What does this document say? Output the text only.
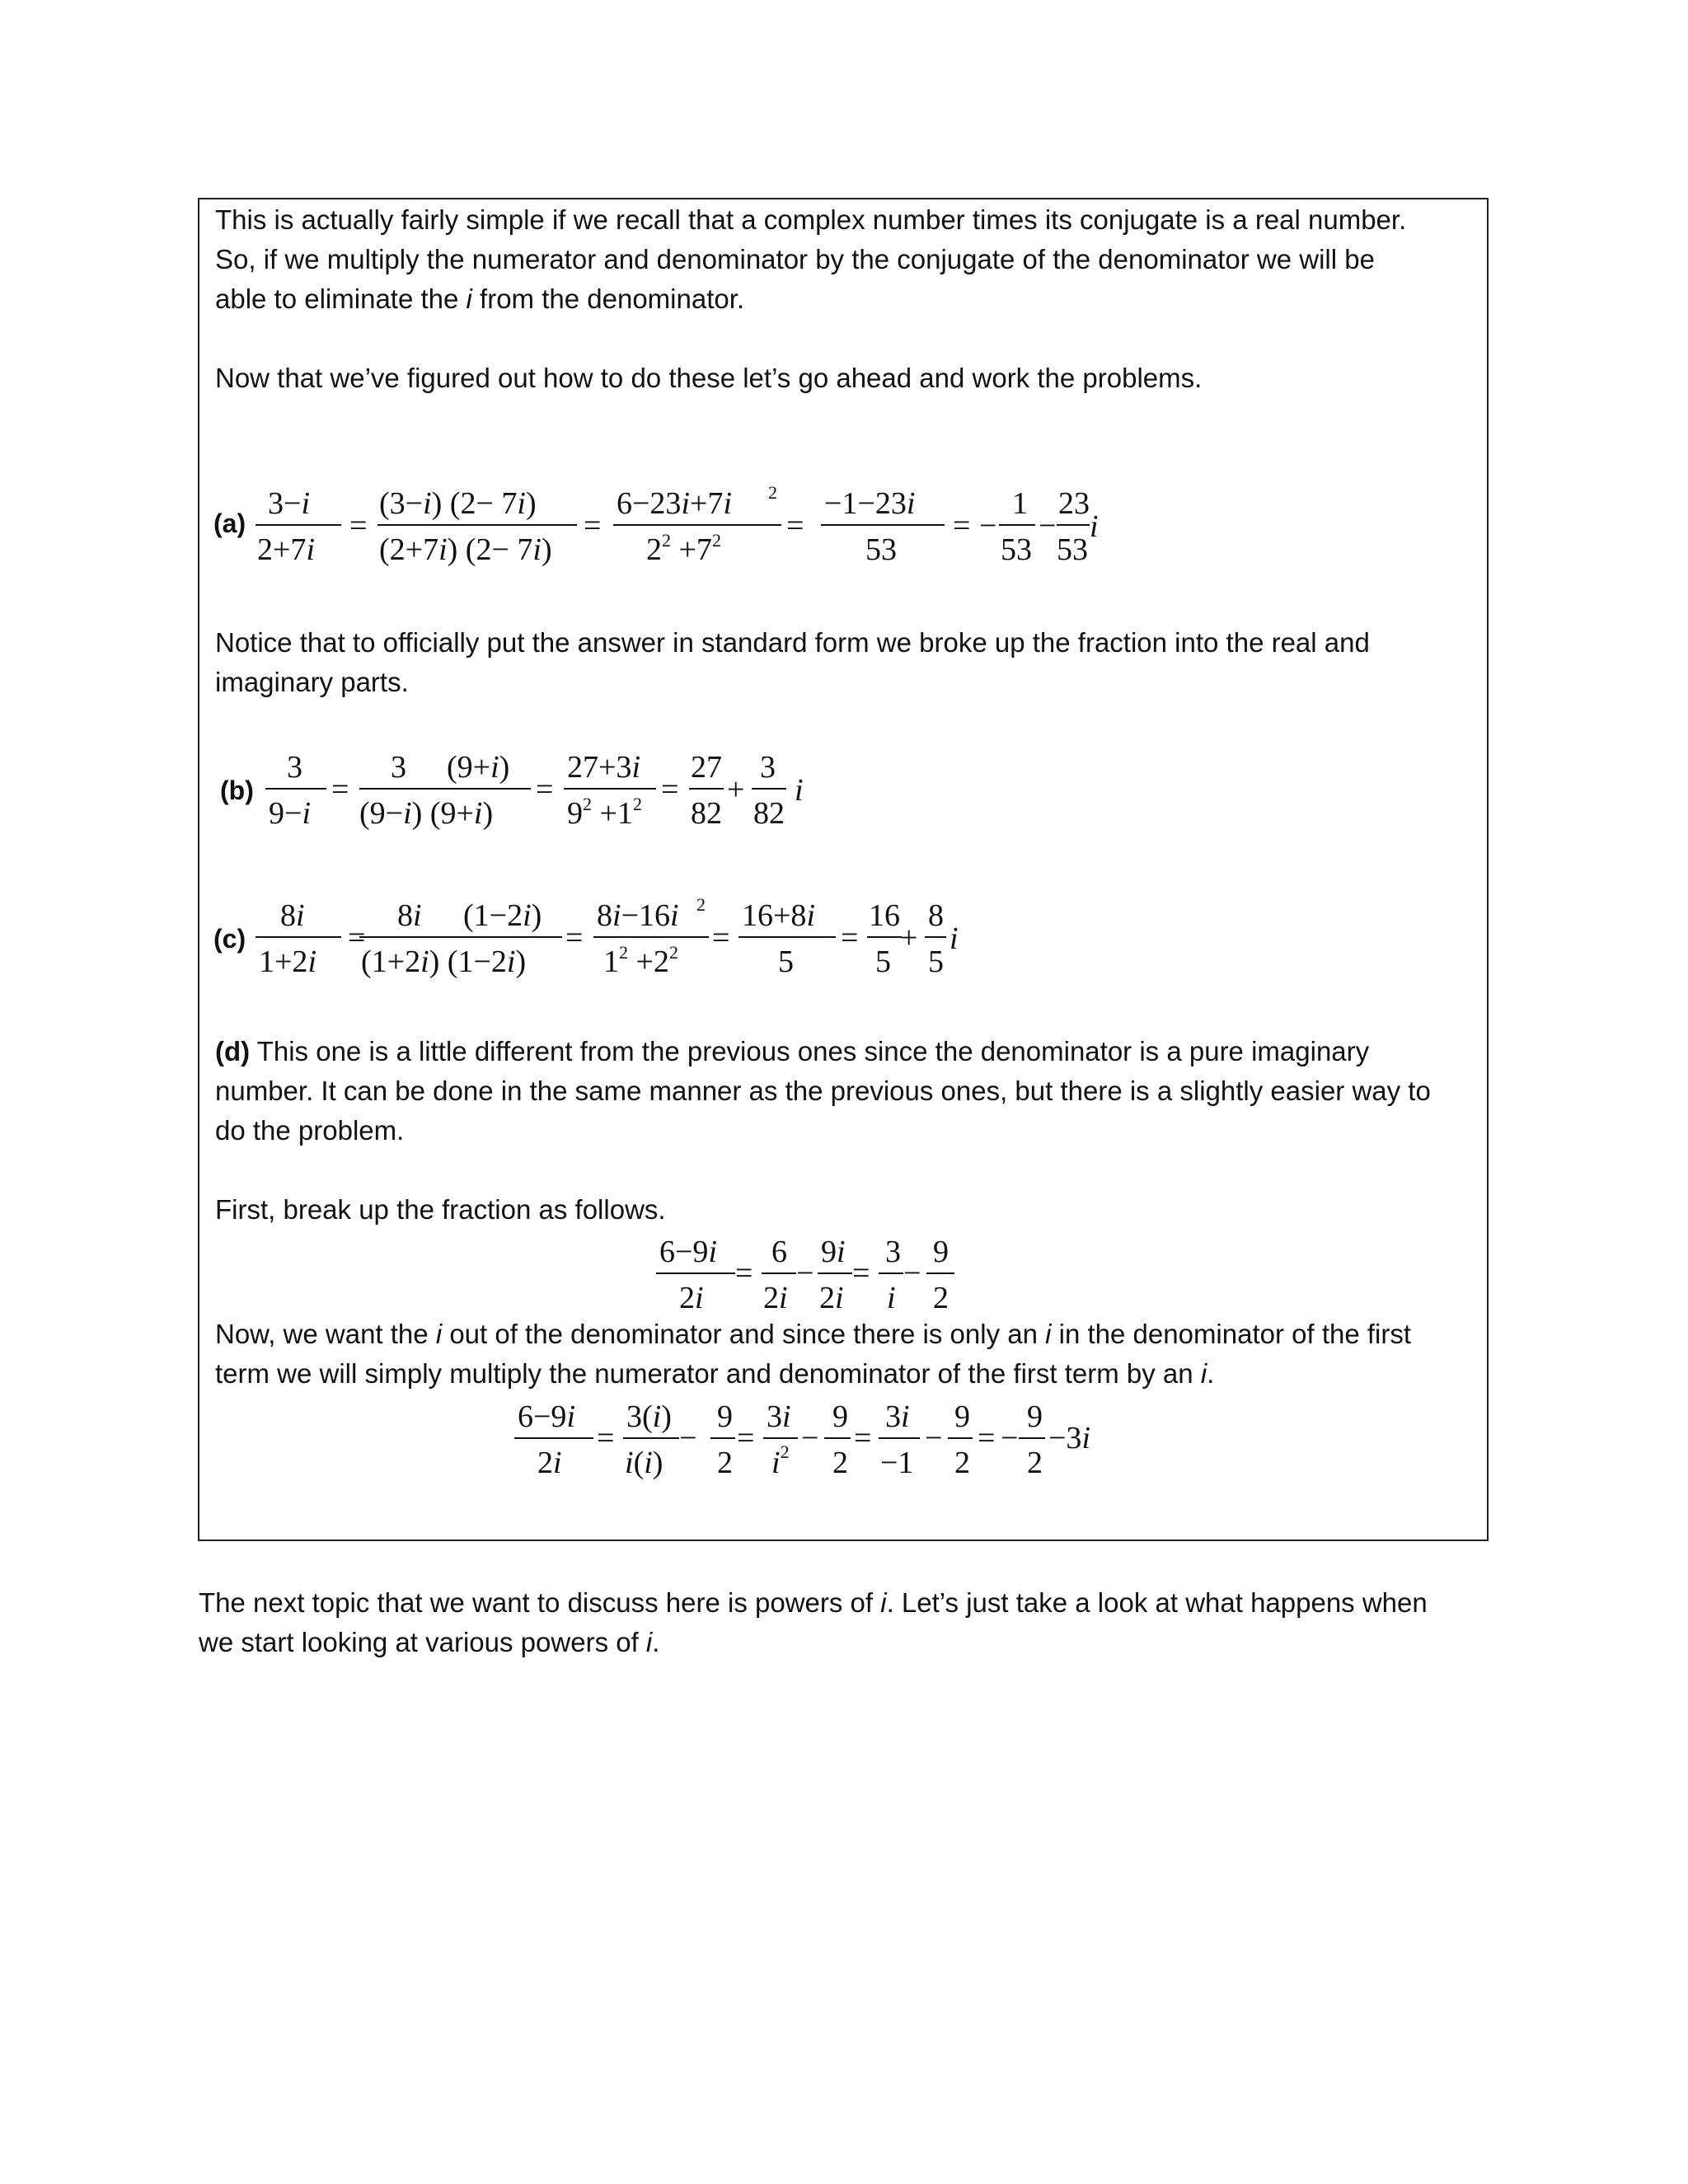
This is actually fairly simple if we recall that a complex number times its conjugate is a real number.
So, if we multiply the numerator and denominator by the conjugate of the denominator we will be
able to eliminate the i from the denominator.
Now that we’ve figured out how to do these let’s go ahead and work the problems.
(a)
3−i
2+7i
=
(3−i) (2− 7i)
(2+7i) (2− 7i)
=
6−23i+7i 2
$2^2 +7^2$ =
−1−23i
53
= −
1
53
−
23
53
i
Notice that to officially put the answer in standard form we broke up the fraction into the real and
imaginary parts.
(b)
3
9−i
=
3 (9+i)
(9−i) (9+i)
=
27+3i
$9^2 +1^2$ =
27
82
+
3
82
i
(c)
8i
1+2i
=
8i (1−2i)
(1+2i) (1−2i)
=
8i−16i 2
$1^2 +2^2$ =
16+8i
5
=
16
5
+
8
5
i
(d) This one is a little different from the previous ones since the denominator is a pure imaginary
number. It can be done in the same manner as the previous ones, but there is a slightly easier way to
do the problem.
First, break up the fraction as follows.
6−9i
2i
=
6
2i
−
9i
2i
=
3
i
−
9
2
Now, we want the i out of the denominator and since there is only an i in the denominator of the first
term we will simply multiply the numerator and denominator of the first term by an i.
6−9i
2i
=
3(i)
i(i)
−
9
2
=
3i
$i^2$ −
9
2
=
3i
−1
−
9
2
= −
9
2
−3i
The next topic that we want to discuss here is powers of i. Let’s just take a look at what happens when
we start looking at various powers of i.
